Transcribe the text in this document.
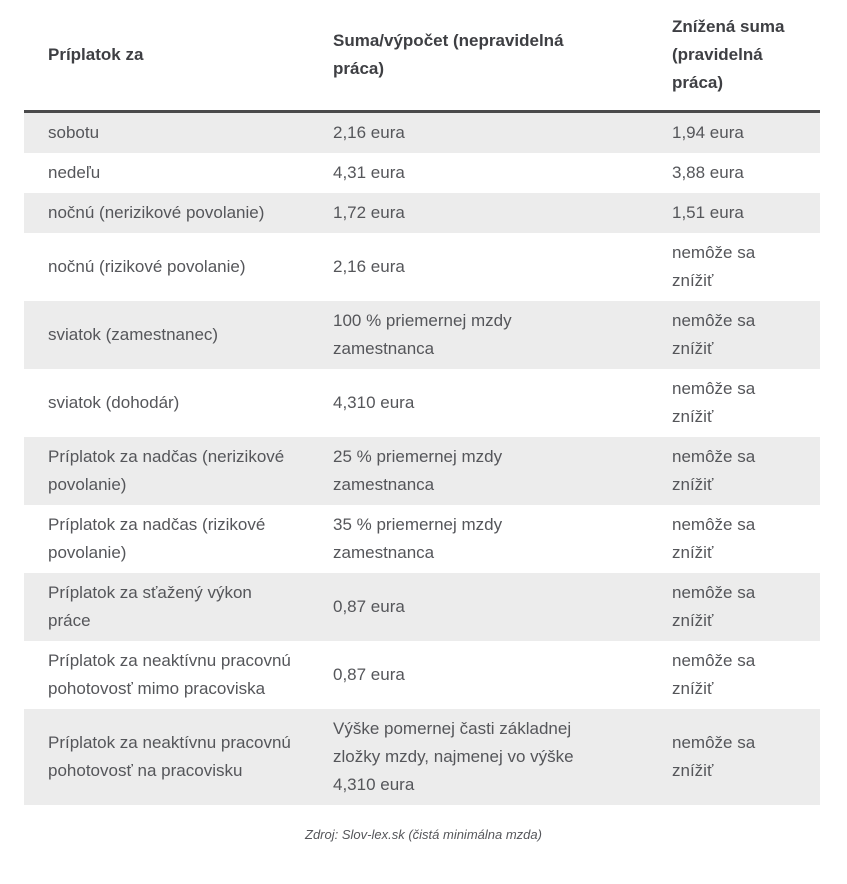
Príplatok za	Suma/výpočet (nepravidelná práca)	Znížená suma (pravidelná práca)
sobotu	2,16 eura	1,94 eura
nedeľu	4,31 eura	3,88 eura
nočnú (nerizikové povolanie)	1,72 eura	1,51 eura
nočnú (rizikové povolanie)	2,16 eura	nemôže sa znížiť
sviatok (zamestnanec)	100 % priemernej mzdy zamestnanca	nemôže sa znížiť
sviatok (dohodár)	4,310 eura	nemôže sa znížiť
Príplatok za nadčas (nerizikové povolanie)	25 % priemernej mzdy zamestnanca	nemôže sa znížiť
Príplatok za nadčas (rizikové povolanie)	35 % priemernej mzdy zamestnanca	nemôže sa znížiť
Príplatok za sťažený výkon práce	0,87 eura	nemôže sa znížiť
Príplatok za neaktívnu pracovnú pohotovosť mimo pracoviska	0,87 eura	nemôže sa znížiť
Príplatok za neaktívnu pracovnú pohotovosť na pracovisku	Výške pomernej časti základnej zložky mzdy, najmenej vo výške 4,310 eura	nemôže sa znížiť
Zdroj: Slov-lex.sk (čistá minimálna mzda)
